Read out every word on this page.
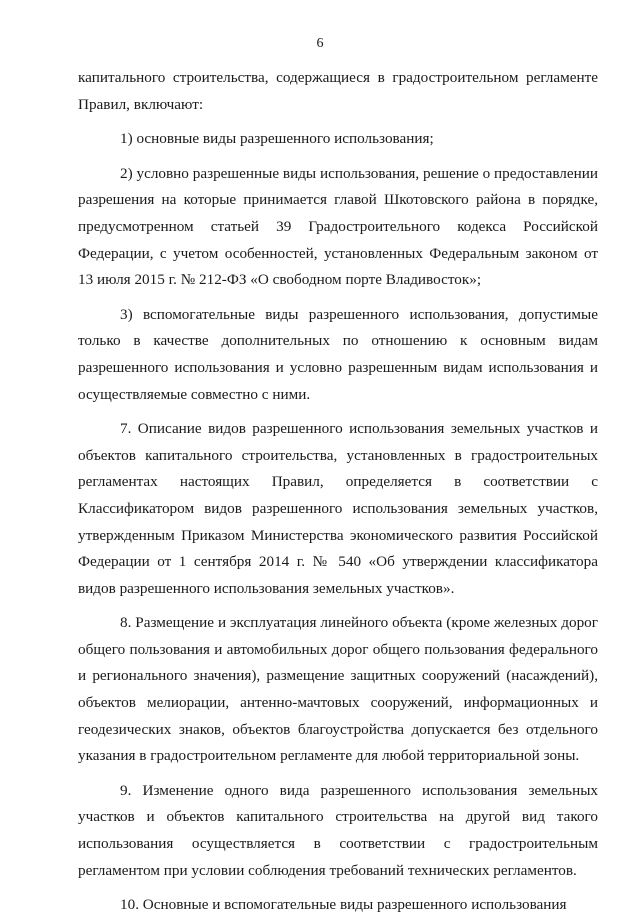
6

капитального строительства, содержащиеся в градостроительном регламенте Правил, включают:

1) основные виды разрешенного использования;

2) условно разрешенные виды использования, решение о предоставлении разрешения на которые принимается главой Шкотовского района в порядке, предусмотренном статьей 39 Градостроительного кодекса Российской Федерации, с учетом особенностей, установленных Федеральным законом от 13 июля 2015 г. № 212-ФЗ «О свободном порте Владивосток»;

3) вспомогательные виды разрешенного использования, допустимые только в качестве дополнительных по отношению к основным видам разрешенного использования и условно разрешенным видам использования и осуществляемые совместно с ними.

7. Описание видов разрешенного использования земельных участков и объектов капитального строительства, установленных в градостроительных регламентах настоящих Правил, определяется в соответствии с Классификатором видов разрешенного использования земельных участков, утвержденным Приказом Министерства экономического развития Российской Федерации от 1 сентября 2014 г. № 540 «Об утверждении классификатора видов разрешенного использования земельных участков».

8. Размещение и эксплуатация линейного объекта (кроме железных дорог общего пользования и автомобильных дорог общего пользования федерального и регионального значения), размещение защитных сооружений (насаждений), объектов мелиорации, антенно-мачтовых сооружений, информационных и геодезических знаков, объектов благоустройства допускается без отдельного указания в градостроительном регламенте для любой территориальной зоны.

9. Изменение одного вида разрешенного использования земельных участков и объектов капитального строительства на другой вид такого использования осуществляется в соответствии с градостроительным регламентом при условии соблюдения требований технических регламентов.

10. Основные и вспомогательные виды разрешенного использования
